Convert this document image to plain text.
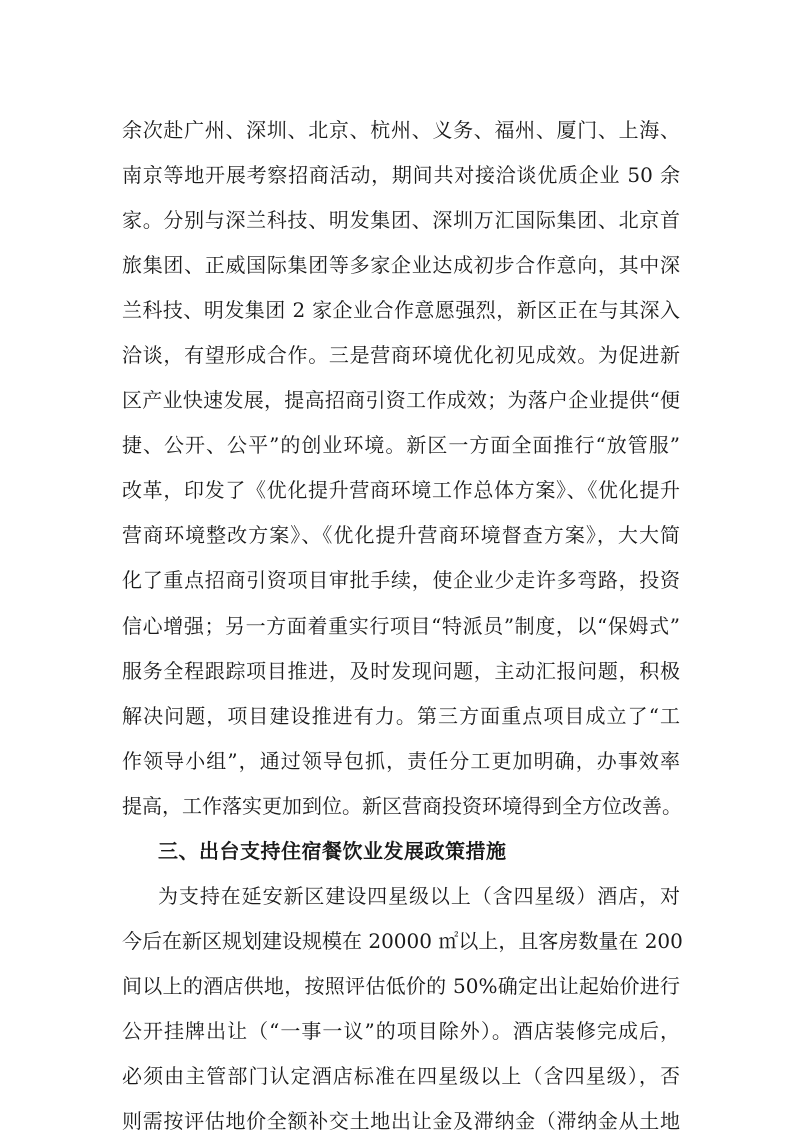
余次赴广州、深圳、北京、杭州、义务、福州、厦门、上海、
南京等地开展考察招商活动，期间共对接洽谈优质企业 50 余
家。分别与深兰科技、明发集团、深圳万汇国际集团、北京首
旅集团、正威国际集团等多家企业达成初步合作意向，其中深
兰科技、明发集团 2 家企业合作意愿强烈，新区正在与其深入
洽谈，有望形成合作。三是营商环境优化初见成效。为促进新
区产业快速发展，提高招商引资工作成效；为落户企业提供“便
捷、公开、公平”的创业环境。新区一方面全面推行“放管服”
改革，印发了《优化提升营商环境工作总体方案》、《优化提升
营商环境整改方案》、《优化提升营商环境督查方案》，大大简
化了重点招商引资项目审批手续，使企业少走许多弯路，投资
信心增强；另一方面着重实行项目“特派员”制度，以“保姆式”
服务全程跟踪项目推进，及时发现问题，主动汇报问题，积极
解决问题，项目建设推进有力。第三方面重点项目成立了“工
作领导小组”，通过领导包抓，责任分工更加明确，办事效率
提高，工作落实更加到位。新区营商投资环境得到全方位改善。
三、出台支持住宿餐饮业发展政策措施
为支持在延安新区建设四星级以上（含四星级）酒店，对
今后在新区规划建设规模在 20000 ㎡以上，且客房数量在 200
间以上的酒店供地，按照评估低价的 50%确定出让起始价进行
公开挂牌出让（“一事一议”的项目除外）。酒店装修完成后，
必须由主管部门认定酒店标准在四星级以上（含四星级），否
则需按评估地价全额补交土地出让金及滞纳金（滞纳金从土地
